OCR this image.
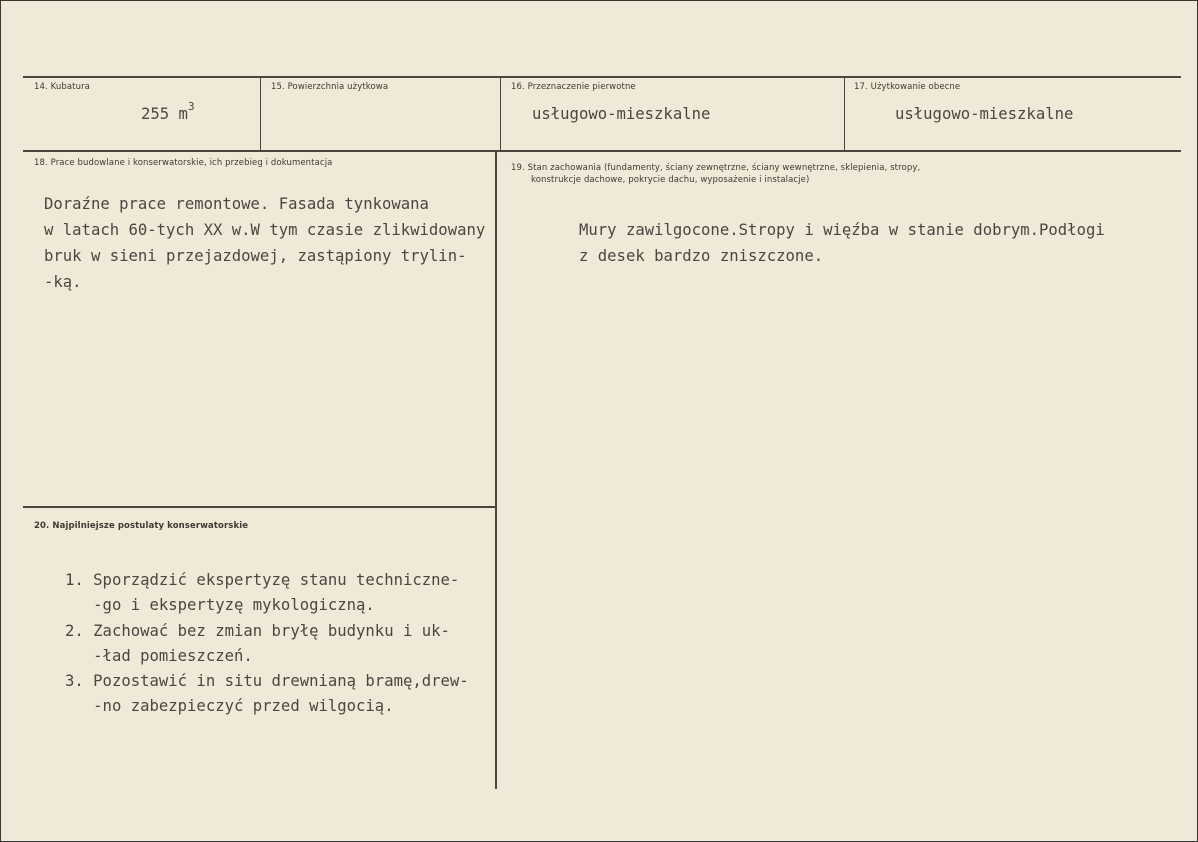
14. Kubatura
255 $m^3$
15. Powierzchnia użytkowa	16. Przeznaczenie pierwotne
usługowo-mieszkalne
17. Użytkowanie obecne
usługowo-mieszkalne
18. Prace budowlane i konserwatorskie, ich przebieg i dokumentacja
Doraźne prace remontowe. Fasada tynkowana
w latach 60-tych XX w.W tym czasie zlikwidowany
bruk w sieni przejazdowej, zastąpiony trylin-
-ką.
19. Stan zachowania (fundamenty, ściany zewnętrzne, ściany wewnętrzne, sklepienia, stropy,
konstrukcje dachowe, pokrycie dachu, wyposażenie i instalacje)
Mury zawilgocone.Stropy i więźba w stanie dobrym.Podłogi
z desek bardzo zniszczone.
20. Najpilniejsze postulaty konserwatorskie
1. Sporządzić ekspertyzę stanu techniczne-
-go i ekspertyzę mykologiczną.
2. Zachować bez zmian bryłę budynku i uk-
-ład pomieszczeń.
3. Pozostawić in situ drewnianą bramę,drew-
-no zabezpieczyć przed wilgocią.
